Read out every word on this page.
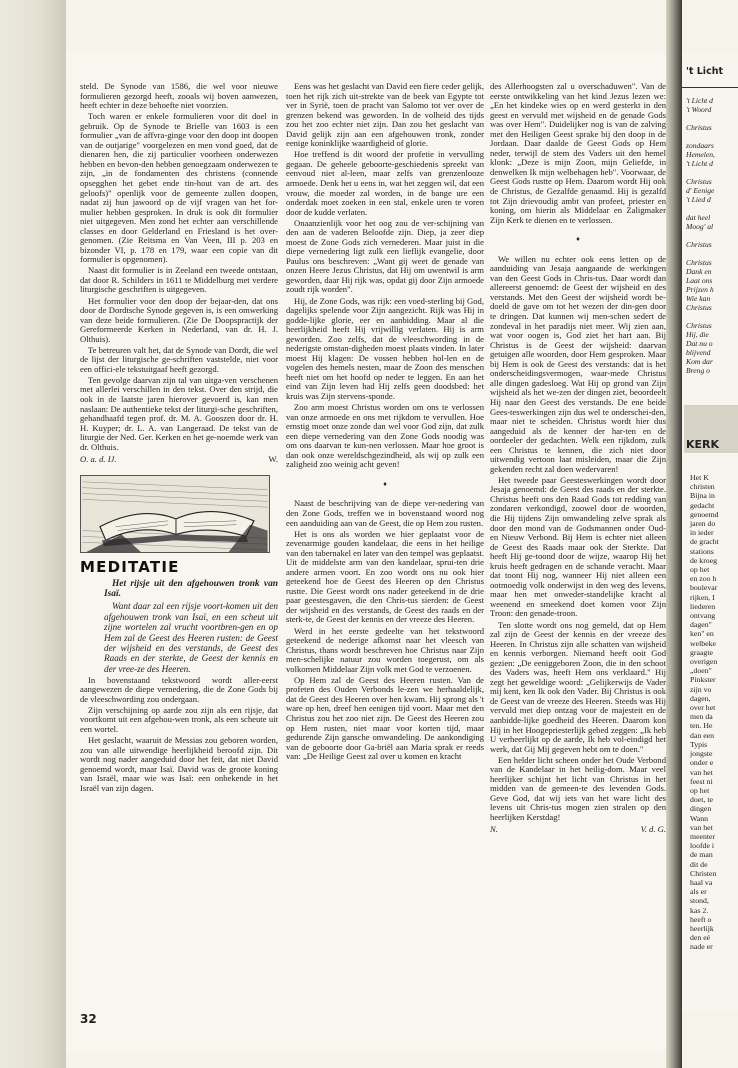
steld. De Synode van 1586, die wel voor nieuwe formulieren gezorgd heeft, zooals wij boven aanwezen, heeft echter in deze behoefte niet voorzien.

Toch waren er enkele formulieren voor dit doel in gebruik. Op de Synode te Brielle van 1603 is een formulier „van de affvra-ginge voor den doop int doopen van de outjarige" voorgelezen en men vond goed, dat de dienaren hen, die zij particulier voorheen onderwezen hebben en bevon-den hebben genoegzaam onderwezen te zijn, „in de fondamenten des christens (connende opsegghen het gebet ende tin-hout van de art. des geloofs)" openlijk voor de gemeente zullen doopen, nadat zij hun jawoord op de vijf vragen van het for-mulier hebben gesproken. In druk is ook dit formulier niet uitgegeven. Men zond het echter aan verschillende classes en door Gelderland en Friesland is het over-genomen. (Zie Reitsma en Van Veen, III p. 203 en bizonder VI, p. 178 en 179, waar een copie van dit formulier is opgenomen).

Naast dit formulier is in Zeeland een tweede ontstaan, dat door R. Schilders in 1611 te Middelburg met verdere liturgische geschriften is uitgegeven.

Het formulier voor den doop der bejaar-den, dat ons door de Dordtsche Synode gegeven is, is een omwerking van deze beide formulieren. (Zie De Doopspractijk der Gereformeerde Kerken in Nederland, van dr. H. J. Olthuis).

Te betreuren valt het, dat de Synode van Dordt, die wel de lijst der liturgische ge-schriften vaststelde, niet voor een offici-ele tekstuitgaaf heeft gezorgd.

Ten gevolge daarvan zijn tal van uitga-ven verschenen met allerlei verschillen in den tekst. Over den strijd, die ook in de laatste jaren hierover gevoerd is, kan men naslaan: De authentieke tekst der liturgi-sche geschriften, gehandhaafd tegen prof. dr. M. A. Gooszen door dr. H. H. Kuyper; dr. L. A. van Langeraad. De tekst van de liturgie der Ned. Ger. Kerken en het ge-noemde werk van dr. Olthuis.

O. a. d. IJ.	W.
MEDITATIE

Het rijsje uit den afgehouwen tronk van Isaï.

Want daar zal een rijsje voort-komen uit den afgehouwen tronk van Isaï, en een scheut uit zijne wortelen zal vrucht voortbren-gen en op Hem zal de Geest des Heeren rusten: de Geest der wijsheid en des verstands, de Geest des Raads en der sterkte, de Geest der kennis en der vree-ze des Heeren.

In bovenstaand tekstwoord wordt aller-eerst aangewezen de diepe vernedering, die de Zone Gods bij de vleeschwording zou ondergaan.

Zijn verschijning op aarde zou zijn als een rijsje, dat voortkomt uit een afgehou-wen tronk, als een scheute uit een wortel.

Het geslacht, waaruit de Messias zou geboren worden, zou van alle uitwendige heerlijkheid beroofd zijn. Dit wordt nog nader aangeduid door het feit, dat niet David genoemd wordt, maar Isaï. David was de groote koning van Israël, maar wie was Isaï: een onbekende in het Israël van zijn dagen.

Eens was het geslacht van David een fiere ceder gelijk, toen het rijk zich uit-strekte van de beek van Egypte tot ver in Syrië, toen de pracht van Salomo tot ver over de grenzen bekend was geworden. In de volheid des tijds zou het zoo echter niet zijn. Dan zou het geslacht van David gelijk zijn aan een afgehouwen tronk, zonder eenige koninklijke waardigheid of glorie.

Hoe treffend is dit woord der profetie in vervulling gegaan. De geheele geboorte-geschiedenis spreekt van eenvoud niet al-leen, maar zelfs van grenzenlooze armoede. Denk het u eens in, wat het zeggen wil, dat een vrouw, die moeder zal worden, in de bange ure een onderdak moet zoeken in een stal, enkele uren te voren door de kudde verlaten.

Onaanzienlijk voor het oog zou de ver-schijning van den aan de vaderen Beloofde zijn. Diep, ja zeer diep moest de Zone Gods zich vernederen. Maar juist in die diepe vernedering ligt zulk een lieflijk evangelie, door Paulus ons beschreven: „Want gij weet de genade van onzen Heere Jezus Christus, dat Hij om uwentwil is arm geworden, daar Hij rijk was, opdat gij door Zijn armoede zoudt rijk worden".

Hij, de Zone Gods, was rijk: een voed-sterling bij God, dagelijks spelende voor Zijn aangezicht. Rijk was Hij in godde-lijke glorie, eer en aanbidding. Maar al die heerlijkheid heeft Hij vrijwillig verlaten. Hij is arm geworden. Zoo zelfs, dat de vleeschwording in de nederigste omstan-digheden moest plaats vinden. In later moest Hij klagen: De vossen hebben hol-len en de vogelen des hemels nesten, maar de Zoon des menschen heeft niet om het hoofd op neder te leggen. En aan het eind van Zijn leven had Hij zelfs geen doodsbed: het kruis was Zijn stervens-sponde.

Zoo arm moest Christus worden om ons te verlossen van onze armoede en ons met rijkdom te vervullen. Hoe ernstig moet onze zonde dan wel voor God zijn, dat zulk een diepe vernedering van den Zone Gods noodig was om ons daarvan te kun-nen verlossen. Maar hoe groot is dan ook onze wereldschgezindheid, als wij op zulk een zaligheid zoo weinig acht geven!

♦

Naast de beschrijving van de diepe ver-nedering van den Zone Gods, treffen we in bovenstaand woord nog een aanduiding aan van de Geest, die op Hem zou rusten.

Het is ons als worden we hier geplaatst voor de zevenarmige gouden kandelaar, die eens in het heilige van den tabernakel en later van den tempel was geplaatst. Uit de middelste arm van den kandelaar, sprui-ten drie andere armen voort. En zoo wordt ons nu ook hier geteekend hoe de Geest des Heeren op den Christus rustte. Die Geest wordt ons nader geteekend in de drie paar geestesgaven, die den Chris-tus sierden: de Geest der wijsheid en des verstands, de Geest des raads en der sterk-te, de Geest der kennis en der vreeze des Heeren.

Werd in het eerste gedeelte van het tekstwoord geteekend de nederige afkomst naar het vleesch van Christus, thans wordt beschreven hoe Christus naar Zijn men-schelijke natuur zou worden toegerust, om als volkomen Middelaar Zijn volk met God te verzoenen.

Op Hem zal de Geest des Heeren rusten. Van de profeten des Ouden Verbonds le-zen we herhaaldelijk, dat de Geest des Heeren over hen kwam. Hij sprong als 't ware op hen, dreef hen eenigen tijd voort. Maar met den Christus zou het zoo niet zijn. De Geest des Heeren zou op Hem rusten, niet maar voor korten tijd, maar gedurende Zijn gansche omwandeling. De aankondiging van de geboorte door Ga-briël aan Maria sprak er reeds van: „De Heilige Geest zal over u komen en kracht

des Allerhoogsten zal u overschaduwen". Van de eerste ontwikkeling van het kind Jezus lezen we: „En het kindeke wies op en werd gesterkt in den geest en vervuld met wijsheid en de genade Gods was over Hem". Duidelijker nog is van de zalving met den Heiligen Geest sprake bij den doop in de Jordaan. Daar daalde de Geest Gods op Hem neder, terwijl de stem des Vaders uit den hemel klonk: „Deze is mijn Zoon, mijn Geliefde, in denwelken Ik mijn welbehagen heb". Voorwaar, de Geest Gods rustte op Hem. Daarom wordt Hij ook de Christus, de Gezalfde genaamd. Hij is gezalfd tot Zijn drievoudig ambt van profeet, priester en koning, om hierin als Middelaar en Zaligmaker Zijn Kerk te dienen en te verlossen.

♦

We willen nu echter ook eens letten op de aanduiding van Jesaja aangaande de werkingen van den Geest Gods in Chris-tus. Daar wordt dan allereerst genoemd: de Geest der wijsheid en des verstands. Met den Geest der wijsheid wordt be-doeld de gave om tot het wezen der din-gen door te dringen. Dat kunnen wij men-schen sedert de zondeval in het paradijs niet meer. Wij zien aan, wat voor oogen is, God ziet het hart aan. Bij Christus is de Geest der wijsheid: daarvan getuigen alle woorden, door Hem gesproken. Maar bij Hem is ook de Geest des verstands: dat is het onderscheidingsvermogen, waar-mede Christus alle dingen gadesloeg. Wat Hij op grond van Zijn wijsheid als het we-zen der dingen ziet, beoordeelt Hij naar den Geest des verstands. De ene beide Gees-teswerkingen zijn dus wel te onderschei-den, maar niet te scheiden. Christus wordt hier dus aangeduid als de kenner der har-ten en de oordeeler der gedachten. Welk een rijkdom, zulk een Christus te kennen, die zich niet door uitwendig vertoon laat misleiden, maar die Zijn gekenden recht zal doen wedervaren!

Het tweede paar Geesteswerkingen wordt door Jesaja genoemd: de Geest des raads en der sterkte. Christus heeft ons den Raad Gods tot redding van zondaren verkondigd, zoowel door de woorden, die Hij tijdens Zijn omwandeling zelve sprak als door den mond van de Godsmannen onder Oud- en Nieuw Verbond. Bij Hem is echter niet alleen de Geest des Raads maar ook der Sterkte. Dat heeft Hij ge-toond door de wijze, waarop Hij het kruis heeft gedragen en de schande veracht. Maar dat toont Hij nog, wanneer Hij niet alleen een ootmoedig volk onderwijst in den weg des levens, maar hen met onweder-standelijke kracht al weenend en smeekend doet komen voor Zijn Troon: den genade-troon.

Ten slotte wordt ons nog gemeld, dat op Hem zal zijn de Geest der kennis en der vreeze des Heeren. In Christus zijn alle schatten van wijsheid en kennis verborgen. Niemand heeft ooit God gezien: „De eeniggeboren Zoon, die in den schoot des Vaders was, heeft Hem ons verklaard." Hij zegt het geweldige woord: „Gelijkerwijs de Vader mij kent, ken Ik ook den Vader. Bij Christus is ook de Geest van de vreeze des Heeren. Steeds was Hij vervuld met diep ontzag voor de majesteit en de aanbidde-lijke goedheid des Heeren. Daarom kon Hij in het Hoogepriesterlijk gebed zeggen: „Ik heb U verheerlijkt op de aarde, Ik heb vol-eindigd het werk, dat Gij Mij gegeven hebt om te doen."

Een helder licht scheen onder het Oude Verbond van de Kandelaar in het heilig-dom. Maar veel heerlijker schijnt het licht van Christus in het midden van de gemeen-te des levenden Gods. Geve God, dat wij iets van het ware licht des levens uit Chris-tus mogen zien stralen op den heerlijken Kerstdag!

N.	V. d. G.
32
't Licht
't Licht d
't Woord
Christus
zondaars
Hemelen,
't Licht d
Christus
d' Eenige
't Lied d
dat heel
Moog' al
Christus
Christus
Dank en
Laat ons
Prijzen h
Wie kan
Christus
Christus
Hij, die
Dat nu o
blijvend
Kom dar
Breng o
KERK
Het K
christen
Bijna in
gedacht
genoemd
jaren do
in ieder
de gracht
stations
de kroeg
op het
en zoo h
boulevar
rijken, I
liederen
ontvang
dagen"
ken" en
welbeke
graagte
overigen
„doen"
Pinkster
zijn vo
dagen,
over het
men da
ten. He
dan een
Typis
jongste
onder e
van het
feest ni
op het
doet, te
dingen
Wann
van het
meenter
loofde i
de man
dit de
Christen
haal va
als er
stond,
kas 2.
heeft o
heerlijk
den eé
nade er
